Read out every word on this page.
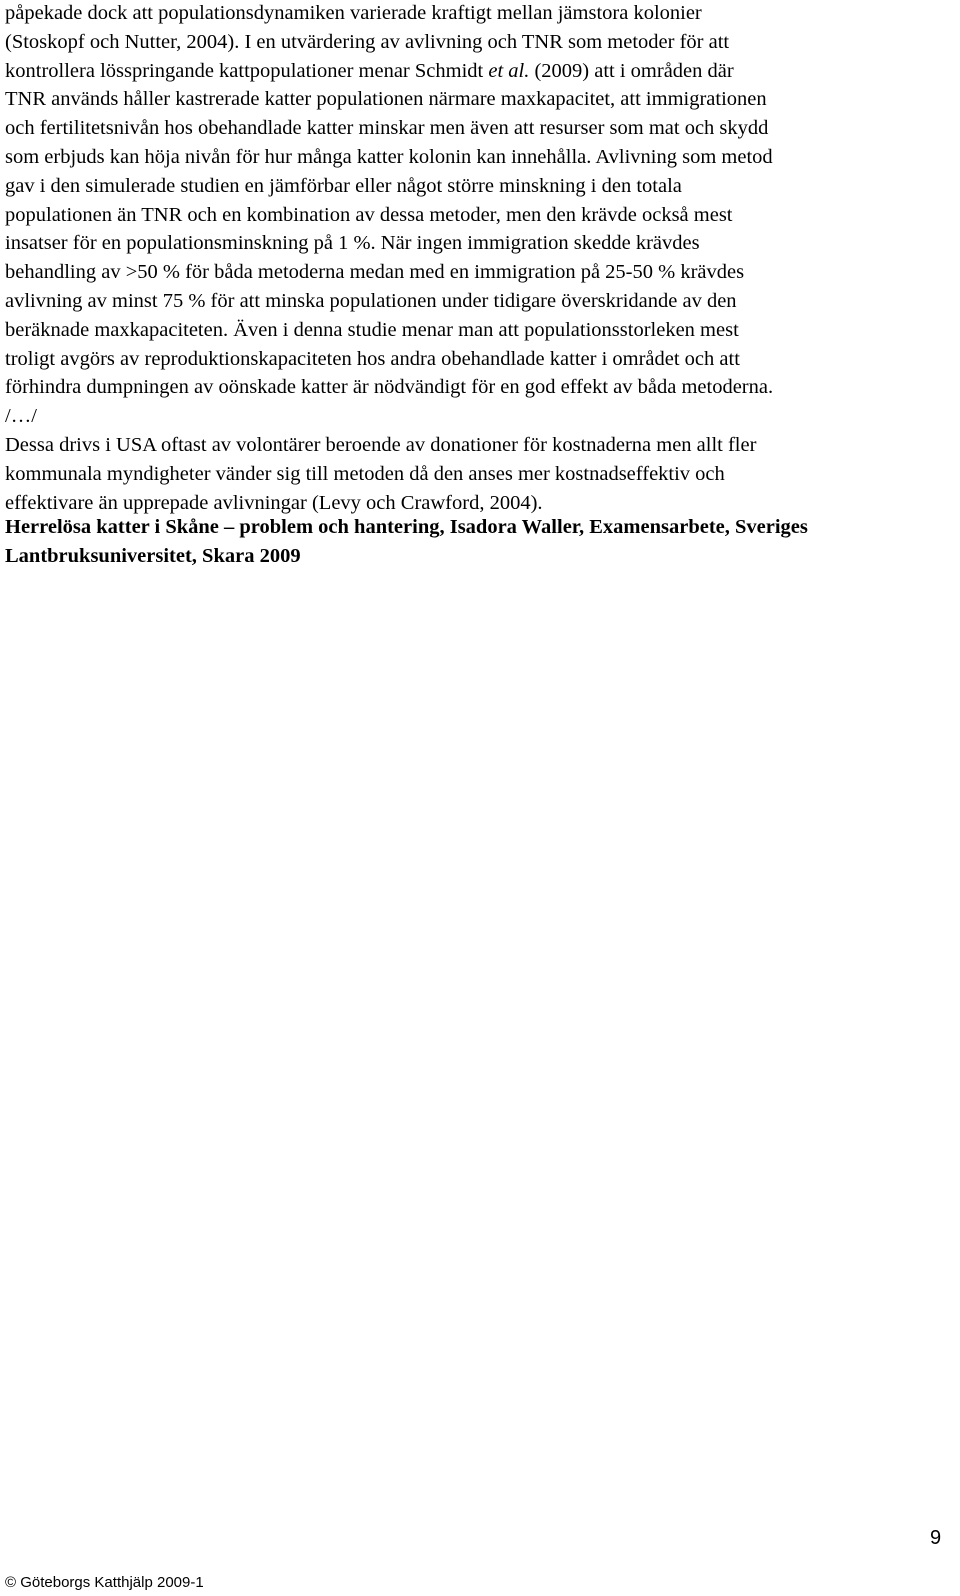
påpekade dock att populationsdynamiken varierade kraftigt mellan jämstora kolonier
(Stoskopf och Nutter, 2004). I en utvärdering av avlivning och TNR som metoder för att
kontrollera lösspringande kattpopulationer menar Schmidt et al. (2009) att i områden där
TNR används håller kastrerade katter populationen närmare maxkapacitet, att immigrationen
och fertilitetsnivån hos obehandlade katter minskar men även att resurser som mat och skydd
som erbjuds kan höja nivån för hur många katter kolonin kan innehålla. Avlivning som metod
gav i den simulerade studien en jämförbar eller något större minskning i den totala
populationen än TNR och en kombination av dessa metoder, men den krävde också mest
insatser för en populationsminskning på 1 %. När ingen immigration skedde krävdes
behandling av >50 % för båda metoderna medan med en immigration på 25-50 % krävdes
avlivning av minst 75 % för att minska populationen under tidigare överskridande av den
beräknade maxkapaciteten. Även i denna studie menar man att populationsstorleken mest
troligt avgörs av reproduktionskapaciteten hos andra obehandlade katter i området och att
förhindra dumpningen av oönskade katter är nödvändigt för en god effekt av båda metoderna.
/…/
Dessa drivs i USA oftast av volontärer beroende av donationer för kostnaderna men allt fler
kommunala myndigheter vänder sig till metoden då den anses mer kostnadseffektiv och
effektivare än upprepade avlivningar (Levy och Crawford, 2004).
Herrelösa katter i Skåne – problem och hantering, Isadora Waller, Examensarbete, Sveriges
Lantbruksuniversitet, Skara 2009
9
© Göteborgs Katthjälp 2009-1
